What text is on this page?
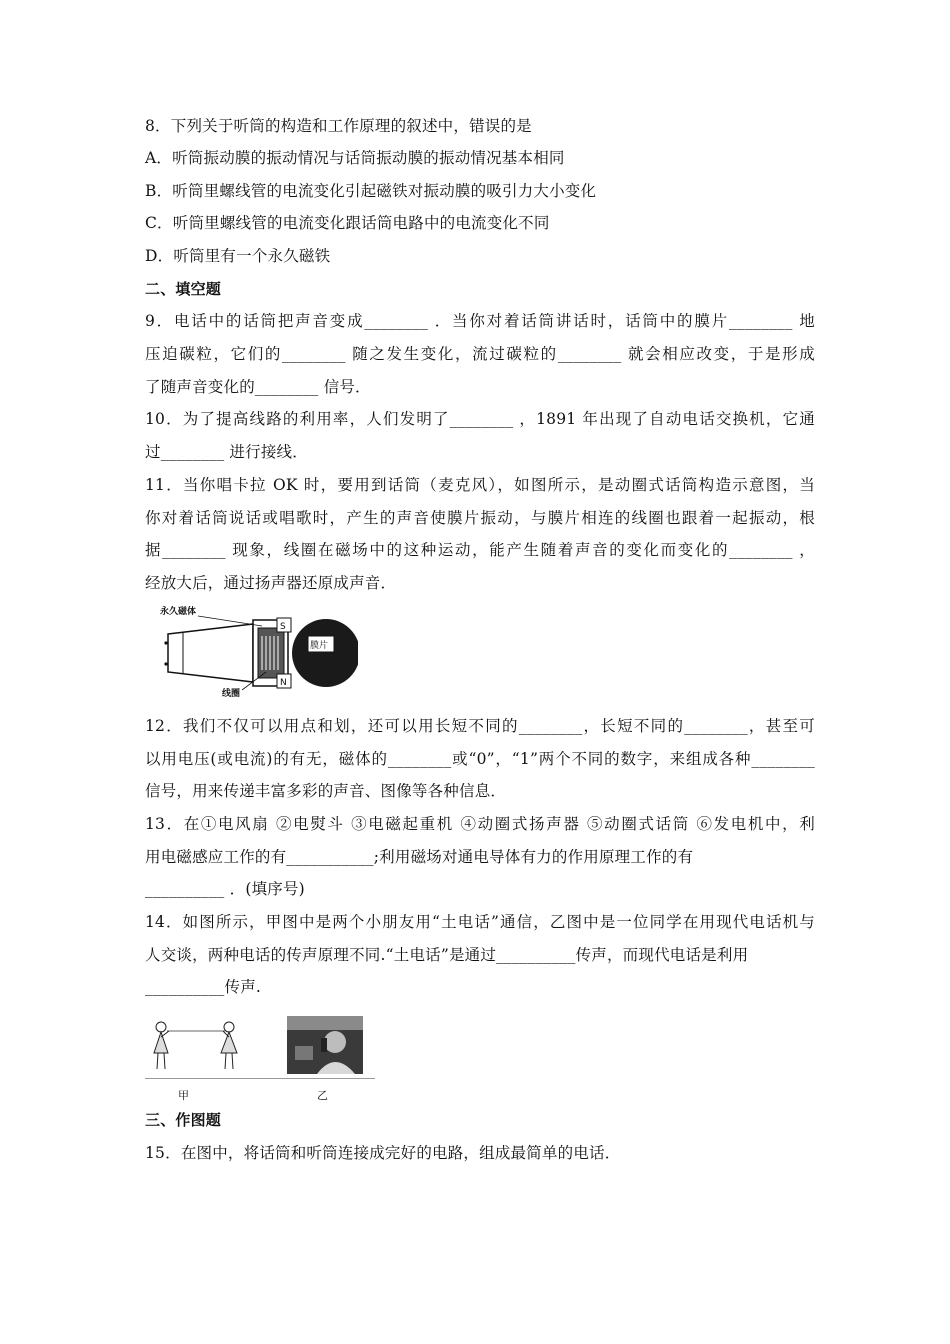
8．下列关于听筒的构造和工作原理的叙述中，错误的是
A．听筒振动膜的振动情况与话筒振动膜的振动情况基本相同
B．听筒里螺线管的电流变化引起磁铁对振动膜的吸引力大小变化
C．听筒里螺线管的电流变化跟话筒电路中的电流变化不同
D．听筒里有一个永久磁铁
二、填空题
9．电话中的话筒把声音变成________ ．当你对着话筒讲话时，话筒中的膜片________ 地
压迫碳粒，它们的________ 随之发生变化，流过碳粒的________ 就会相应改变，于是形成
了随声音变化的________ 信号．
10．为了提高线路的利用率，人们发明了________ ，1891 年出现了自动电话交换机，它通
过________ 进行接线．
11．当你唱卡拉 OK 时，要用到话筒（麦克风），如图所示，是动圈式话筒构造示意图，当
你对着话筒说话或唱歌时，产生的声音使膜片振动，与膜片相连的线圈也跟着一起振动，根
据________ 现象，线圈在磁场中的这种运动，能产生随着声音的变化而变化的________ ，
经放大后，通过扬声器还原成声音．
S
N
膜片
永久磁体
线圈
12．我们不仅可以用点和划，还可以用长短不同的________，长短不同的________，甚至可
以用电压(或电流)的有无，磁体的________或“0”，“1”两个不同的数字，来组成各种________
信号，用来传递丰富多彩的声音、图像等各种信息．
13．在①电风扇 ②电熨斗 ③电磁起重机 ④动圈式扬声器 ⑤动圈式话筒 ⑥发电机中，利
用电磁感应工作的有___________;利用磁场对通电导体有力的作用原理工作的有
__________ ．(填序号)
14．如图所示，甲图中是两个小朋友用“土电话”通信，乙图中是一位同学在用现代电话机与
人交谈，两种电话的传声原理不同.“土电话”是通过__________传声，而现代电话是利用
__________传声.
甲	乙
三、作图题
15．在图中，将话筒和听筒连接成完好的电路，组成最简单的电话．
